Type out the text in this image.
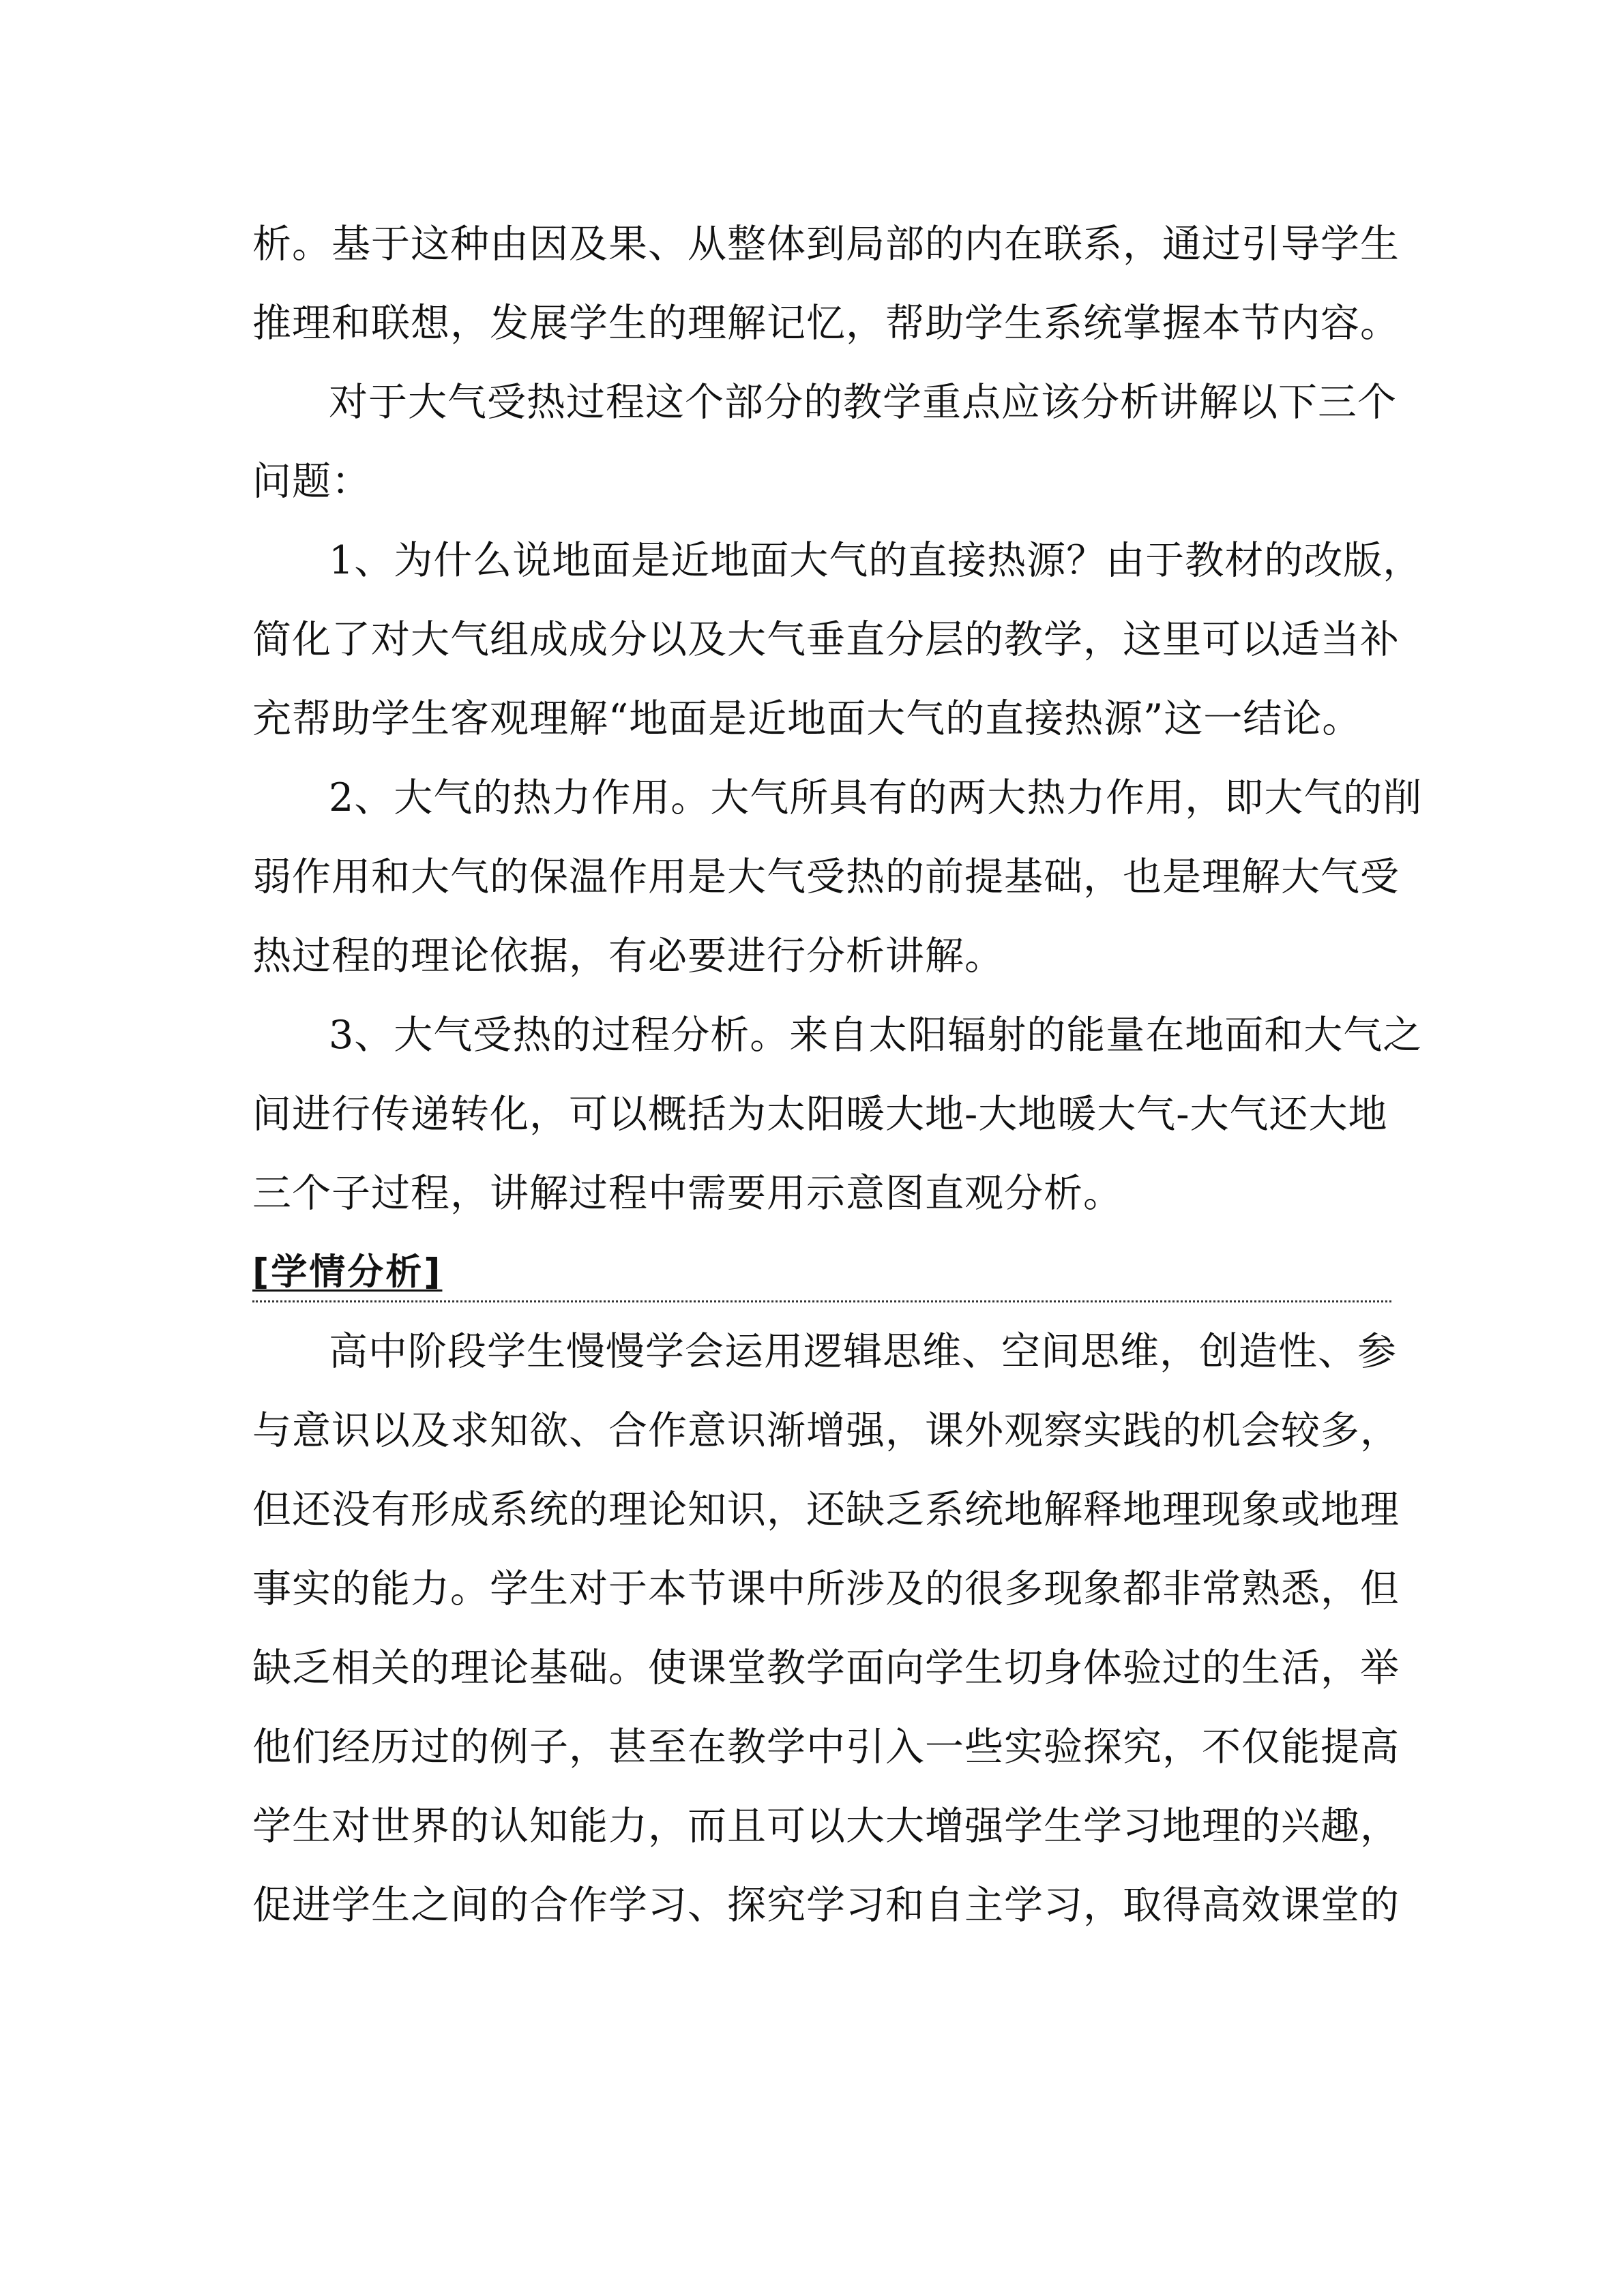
析。基于这种由因及果、从整体到局部的内在联系，通过引导学生
推理和联想，发展学生的理解记忆，帮助学生系统掌握本节内容。
对于大气受热过程这个部分的教学重点应该分析讲解以下三个
问题：
1、为什么说地面是近地面大气的直接热源？由于教材的改版，
简化了对大气组成成分以及大气垂直分层的教学，这里可以适当补
充帮助学生客观理解“地面是近地面大气的直接热源”这一结论。
2、大气的热力作用。大气所具有的两大热力作用，即大气的削
弱作用和大气的保温作用是大气受热的前提基础，也是理解大气受
热过程的理论依据，有必要进行分析讲解。
3、大气受热的过程分析。来自太阳辐射的能量在地面和大气之
间进行传递转化，可以概括为太阳暖大地-大地暖大气-大气还大地
三个子过程，讲解过程中需要用示意图直观分析。
[学情分析]
高中阶段学生慢慢学会运用逻辑思维、空间思维，创造性、参
与意识以及求知欲、合作意识渐增强，课外观察实践的机会较多，
但还没有形成系统的理论知识，还缺乏系统地解释地理现象或地理
事实的能力。学生对于本节课中所涉及的很多现象都非常熟悉，但
缺乏相关的理论基础。使课堂教学面向学生切身体验过的生活，举
他们经历过的例子，甚至在教学中引入一些实验探究，不仅能提高
学生对世界的认知能力，而且可以大大增强学生学习地理的兴趣，
促进学生之间的合作学习、探究学习和自主学习，取得高效课堂的
